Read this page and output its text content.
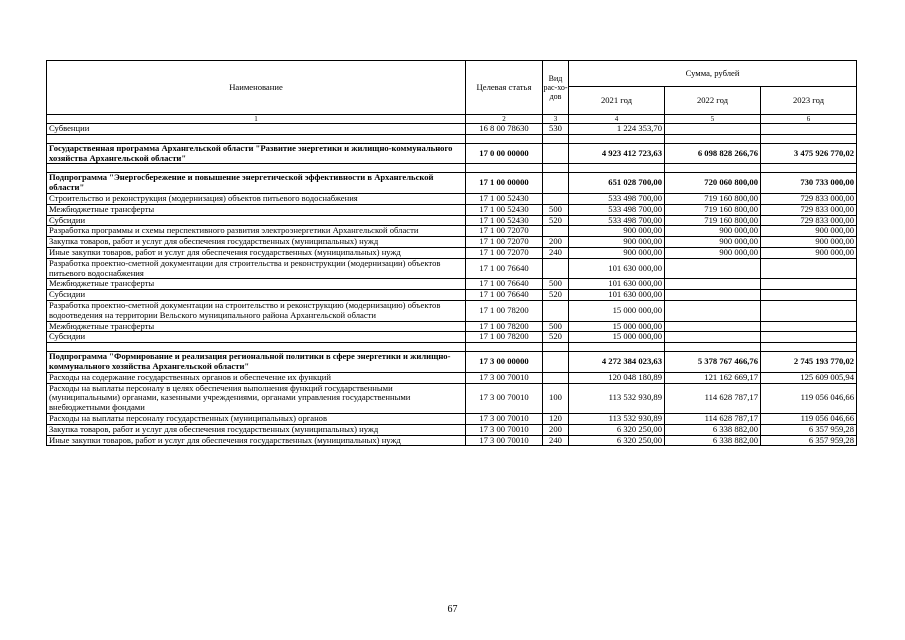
Наименование	Целевая статья	Вид рас-хо-дов	Сумма, рублей		
			2021 год	2022 год	2023 год
1	2	3	4	5	6
Субвенции	16 8 00 78630	530	1 224 353,70		

Государственная программа Архангельской области "Развитие энергетики и жилищно-коммунального хозяйства Архангельской области"	17 0 00 00000		4 923 412 723,63	6 098 828 266,76	3 475 926 770,02

Подпрограмма "Энергосбережение и повышение энергетической эффективности в Архангельской области"	17 1 00 00000		651 028 700,00	720 060 800,00	730 733 000,00
Строительство и реконструкция (модернизация) объектов питьевого водоснабжения	17 1 00 52430		533 498 700,00	719 160 800,00	729 833 000,00
Межбюджетные трансферты	17 1 00 52430	500	533 498 700,00	719 160 800,00	729 833 000,00
Субсидии	17 1 00 52430	520	533 498 700,00	719 160 800,00	729 833 000,00
Разработка программы и схемы перспективного развития электроэнергетики Архангельской области	17 1 00 72070		900 000,00	900 000,00	900 000,00
Закупка товаров, работ и услуг для обеспечения государственных (муниципальных) нужд	17 1 00 72070	200	900 000,00	900 000,00	900 000,00
Иные закупки товаров, работ и услуг для обеспечения государственных (муниципальных) нужд	17 1 00 72070	240	900 000,00	900 000,00	900 000,00
Разработка проектно-сметной документации для строительства и реконструкции (модернизации) объектов питьевого водоснабжения	17 1 00 76640		101 630 000,00		
Межбюджетные трансферты	17 1 00 76640	500	101 630 000,00		
Субсидии	17 1 00 76640	520	101 630 000,00		
Разработка проектно-сметной документации на строительство и реконструкцию (модернизацию) объектов водоотведения на территории Вельского муниципального района Архангельской области	17 1 00 78200		15 000 000,00		
Межбюджетные трансферты	17 1 00 78200	500	15 000 000,00		
Субсидии	17 1 00 78200	520	15 000 000,00		

Подпрограмма "Формирование и реализация региональной политики в сфере энергетики и жилищно-коммунального хозяйства Архангельской области"	17 3 00 00000		4 272 384 023,63	5 378 767 466,76	2 745 193 770,02
Расходы на содержание государственных органов и обеспечение их функций	17 3 00 70010		120 048 180,89	121 162 669,17	125 609 005,94
Расходы на выплаты персоналу в целях обеспечения выполнения функций государственными (муниципальными) органами, казенными учреждениями, органами управления государственными внебюджетными фондами	17 3 00 70010	100	113 532 930,89	114 628 787,17	119 056 046,66
Расходы на выплаты персоналу государственных (муниципальных) органов	17 3 00 70010	120	113 532 930,89	114 628 787,17	119 056 046,66
Закупка товаров, работ и услуг для обеспечения государственных (муниципальных) нужд	17 3 00 70010	200	6 320 250,00	6 338 882,00	6 357 959,28
Иные закупки товаров, работ и услуг для обеспечения государственных (муниципальных) нужд	17 3 00 70010	240	6 320 250,00	6 338 882,00	6 357 959,28
67
